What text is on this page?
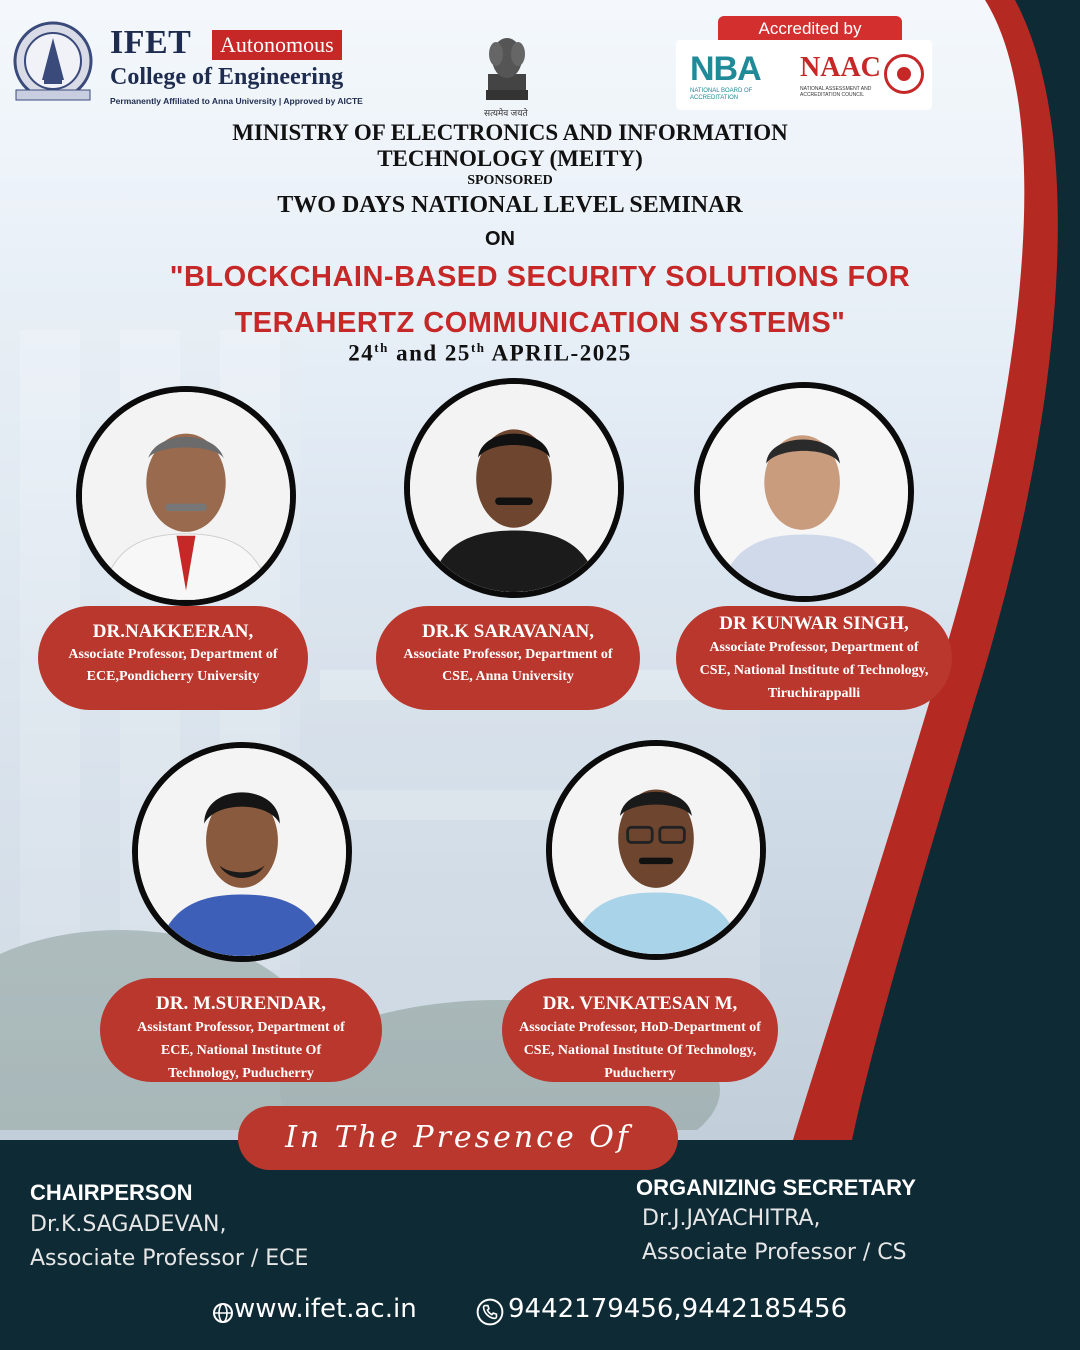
IFET	Autonomous
College of Engineering
Permanently Affiliated to Anna University | Approved by AICTE
सत्यमेव जयते
Accredited by
NBA
NATIONAL BOARD OF ACCREDITATION
NAAC
NATIONAL ASSESSMENT AND ACCREDITATION COUNCIL
MINISTRY OF ELECTRONICS AND INFORMATION TECHNOLOGY (MEITY)
SPONSORED
TWO DAYS NATIONAL LEVEL SEMINAR
ON
"BLOCKCHAIN-BASED SECURITY SOLUTIONS FOR TERAHERTZ COMMUNICATION SYSTEMS"
24th and 25th APRIL-2025
DR.NAKKEERAN,
Associate Professor, Department of ECE,Pondicherry University
DR.K SARAVANAN,
Associate Professor, Department of CSE, Anna University
DR KUNWAR SINGH,
Associate Professor, Department of CSE, National Institute of Technology, Tiruchirappalli
DR. M.SURENDAR,
Assistant Professor, Department of ECE, National Institute Of Technology, Puducherry
DR. VENKATESAN M,
Associate Professor, HoD-Department of CSE, National Institute Of Technology, Puducherry
In The Presence Of
CHAIRPERSON
Dr.K.SAGADEVAN,
Associate Professor / ECE
ORGANIZING SECRETARY
Dr.J.JAYACHITRA,
Associate Professor / CS
www.ifet.ac.in	9442179456,9442185456
